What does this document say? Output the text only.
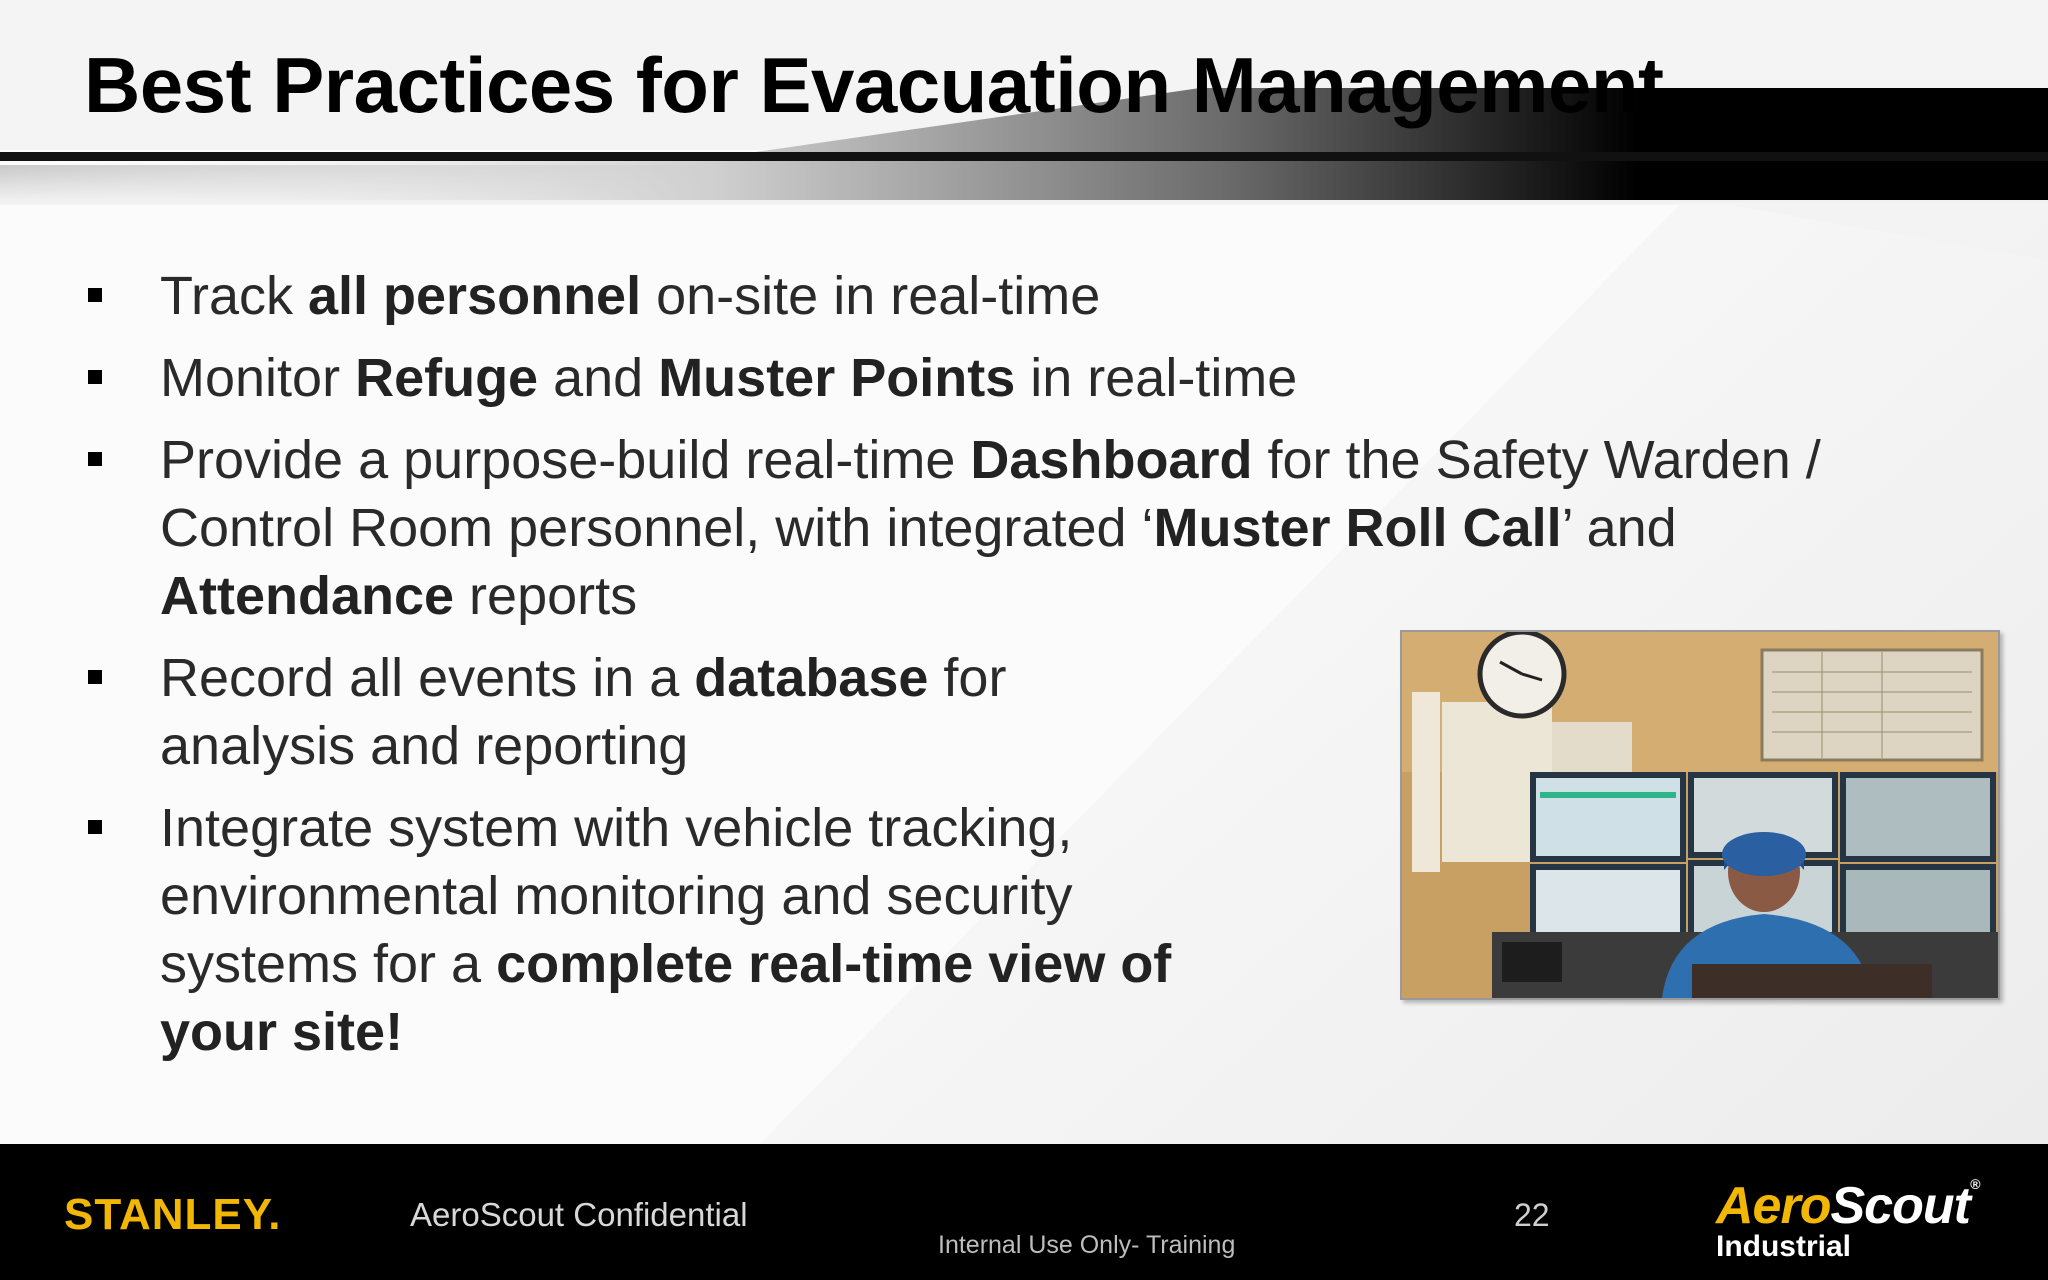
Best Practices for Evacuation Management
Track all personnel on-site in real-time
Monitor Refuge and Muster Points in real-time
Provide a purpose-build real-time Dashboard for the Safety Warden / Control Room personnel, with integrated ‘Muster Roll Call’ and Attendance reports
Record all events in a database for analysis and reporting
Integrate system with vehicle tracking, environmental monitoring and security systems for a complete real-time view of your site!
STANLEY.	AeroScout Confidential
Internal Use Only- Training
22	AeroScout®
Industrial
